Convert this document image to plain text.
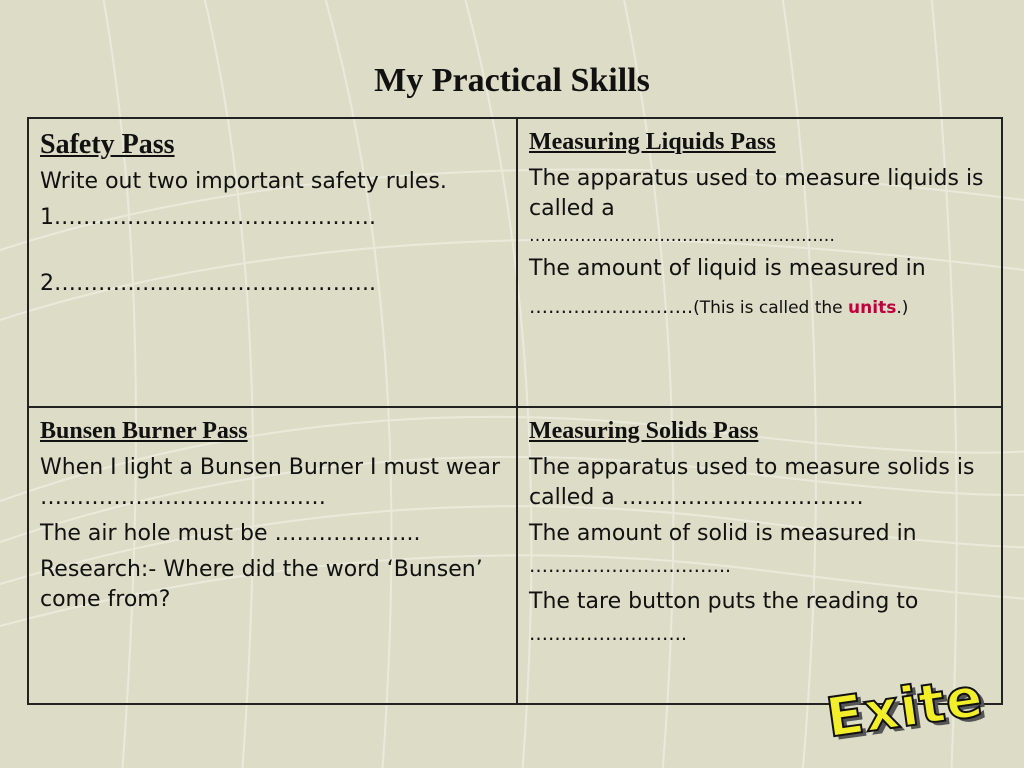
My Practical Skills
Safety Pass

Write out two important safety rules.

1.…………………………………….

2……………………………………..

Measuring Liquids Pass

The apparatus used to measure liquids is called a

………………………………………………

The amount of liquid is measured in

……………………..(This is called the units.)

Bunsen Burner Pass

When I light a Bunsen Burner I must wear …………………………………

The air hole must be ………………..

Research:- Where did the word ‘Bunsen’ come from?

Measuring Solids Pass

The apparatus used to measure solids is called a ……………………………

The amount of solid is measured in

…………………………..

The tare button puts the reading to

…………………….

Exite
